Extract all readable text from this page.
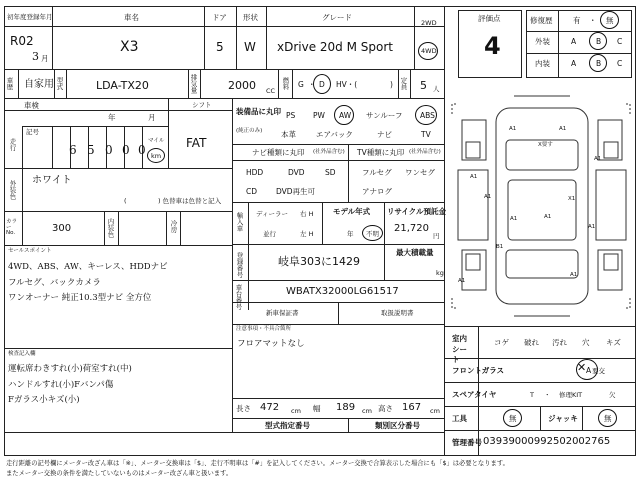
初年度登録年月
R02
3 月
車名
X3
ドア
5
形状
W
グレード
xDrive 20d M Sport
2WD
4WD
評価点
4
修復歴	有 ・ 無
外装	A	B C
内装	A	B C
車歴 自家用 型式	LDA-TX20	排気量	2000 CC
燃料 G ・ D HV・(	) 定員 5 人
車検
年	月
記号
走行	6 5 0 0 0
マイル
km
シフト
FAT
装備品に丸印
(純正のみ)
PS PW AW サンルーフ ABS
本革	エアバック	ナビ	TV
外装色 ホワイト
(	) 色替車は色替と記入
カラー No.	300	内装色	冷房
ナビ種類に丸印 (社外品含む) TV種類に丸印 (社外品含む)
HDD	DVD	SD
CD	DVD再生可
フルセグ ワンセグ
アナログ
輸入車 ディーラー
並行
右 H
左 H
モデル年式
年 不明
リサイクル預託金
21,720
円
登録番号	岐阜303に1429
最大積載量
kg
車台番号	WBATX32000LG61517
新車保証書	取扱説明書
注意事項・不具合箇所
フロアマットなし
長さ 472 cm 幅 189 cm 高さ 167 cm
型式指定番号	類別区分番号
セールスポイント
4WD、ABS、AW、キーレス、HDDナビ
フルセグ、バックカメラ
ワンオーナー 純正10.3型ナビ 全方位
検査記入欄
運転席わきすれ(小)荷室すれ(中)
ハンドルすれ(小)Fバンパ傷
Fガラス小キズ(小)
A1	A1
A1
A1
A1
A1
B1
A1
A1
A1
A1
X要す
X1
室内 シート
コゲ 破れ 汚れ 穴 キズ
フロントガラス	A
✕ 要交
スペアタイヤ	T ・ 修理KIT	欠
工具	無	ジャッキ	無
管理番号 03939000992502002765
走行距離の記号欄にメーター改ざん車は「※」、メーター交換車は「$」、走行不明車は「#」を記入してください。メーター交換で合算表示した場合にも「$」は必要となります。
またメーター交換の条件を満たしていないものはメーター改ざん車と扱います。
